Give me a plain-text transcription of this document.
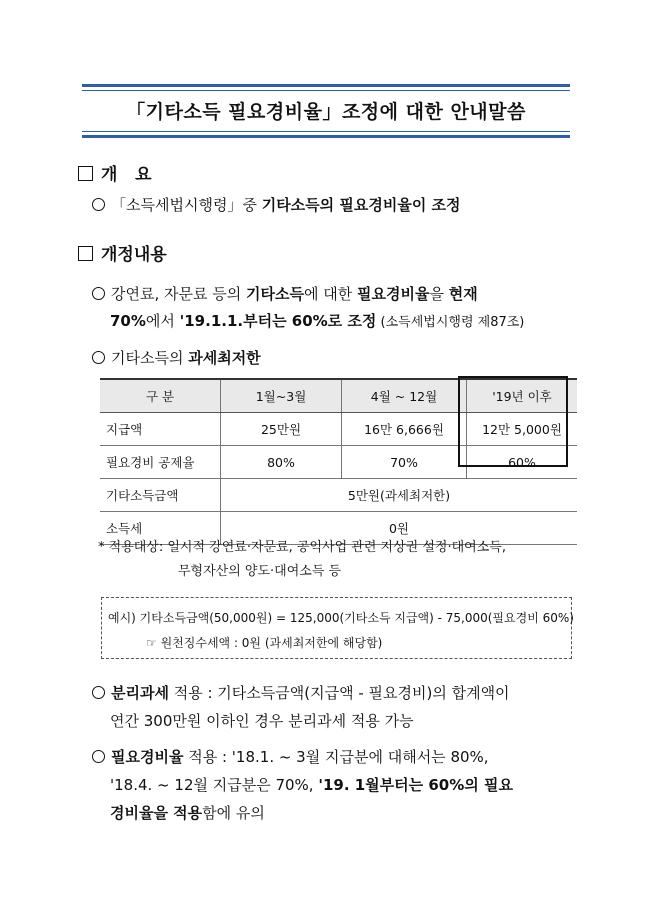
「기타소득 필요경비율」조정에 대한 안내말씀
개   요
「소득세법시행령」중 기타소득의 필요경비율이 조정
개정내용
강연료, 자문료 등의 기타소득에 대한 필요경비율을 현재
70%에서 '19.1.1.부터는 60%로 조정 (소득세법시행령 제87조)
기타소득의 과세최저한
구 분	1월~3월	4월 ~ 12월	'19년 이후
지급액	25만원	16만 6,666원	12만 5,000원
필요경비 공제율	80%	70%	60%
기타소득금액	5만원(과세최저한)		
소득세	0원		
* 적용대상: 일시적 강연료·자문료, 공익사업 관련 지상권 설정·대여소득,
무형자산의 양도·대여소득 등
예시) 기타소득금액(50,000원) = 125,000(기타소득 지급액) - 75,000(필요경비 60%)
☞ 원천징수세액 : 0원 (과세최저한에 해당함)
분리과세 적용 : 기타소득금액(지급액 - 필요경비)의 합계액이
연간 300만원 이하인 경우 분리과세 적용 가능
필요경비율 적용 : '18.1. ~ 3월 지급분에 대해서는 80%,
'18.4. ~ 12월 지급분은 70%, '19. 1월부터는 60%의 필요
경비율을 적용함에 유의
